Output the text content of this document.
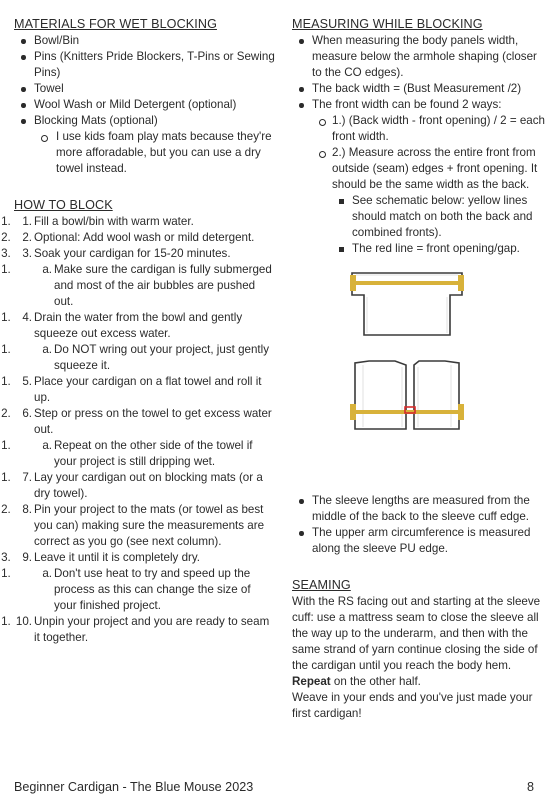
MATERIALS FOR WET BLOCKING
Bowl/Bin
Pins (Knitters Pride Blockers, T-Pins or Sewing Pins)
Towel
Wool Wash or Mild Detergent (optional)
Blocking Mats (optional)
I use kids foam play mats because they're more afforadable, but you can use a dry towel instead.
HOW TO BLOCK
1. 1. Fill a bowl/bin with warm water.
2. 2. Optional: Add wool wash or mild detergent.
3. 3. Soak your cardigan for 15-20 minutes.
1. a. Make sure the cardigan is fully submerged and most of the air bubbles are pushed out.
1. 4. Drain the water from the bowl and gently squeeze out excess water.
1. a. Do NOT wring out your project, just gently squeeze it.
1. 5. Place your cardigan on a flat towel and roll it up.
2. 6. Step or press on the towel to get excess water out.
1. a. Repeat on the other side of the towel if your project is still dripping wet.
1. 7. Lay your cardigan out on blocking mats (or a dry towel).
2. 8. Pin your project to the mats (or towel as best you can) making sure the measurements are correct as you go (see next column).
3. 9. Leave it until it is completely dry.
1. a. Don't use heat to try and speed up the process as this can change the size of your finished project.
1. 10. Unpin your project and you are ready to seam it together.
MEASURING WHILE BLOCKING
When measuring the body panels width, measure below the armhole shaping (closer to the CO edges).
The back width = (Bust Measurement /2)
The front width can be found 2 ways:
1.) (Back width - front opening) / 2 = each front width.
2.) Measure across the entire front from outside (seam) edges + front opening. It should be the same width as the back.
See schematic below: yellow lines should match on both the back and combined fronts).
The red line = front opening/gap.
The sleeve lengths are measured from the middle of the back to the sleeve cuff edge.
The upper arm circumference is measured along the sleeve PU edge.
SEAMING

With the RS facing out and starting at the sleeve cuff: use a mattress seam to close the sleeve all the way up to the underarm, and then with the same strand of yarn continue closing the side of the cardigan until you reach the body hem.

Repeat on the other half.

Weave in your ends and you've just made your first cardigan!

Beginner Cardigan - The Blue Mouse 2023	8
